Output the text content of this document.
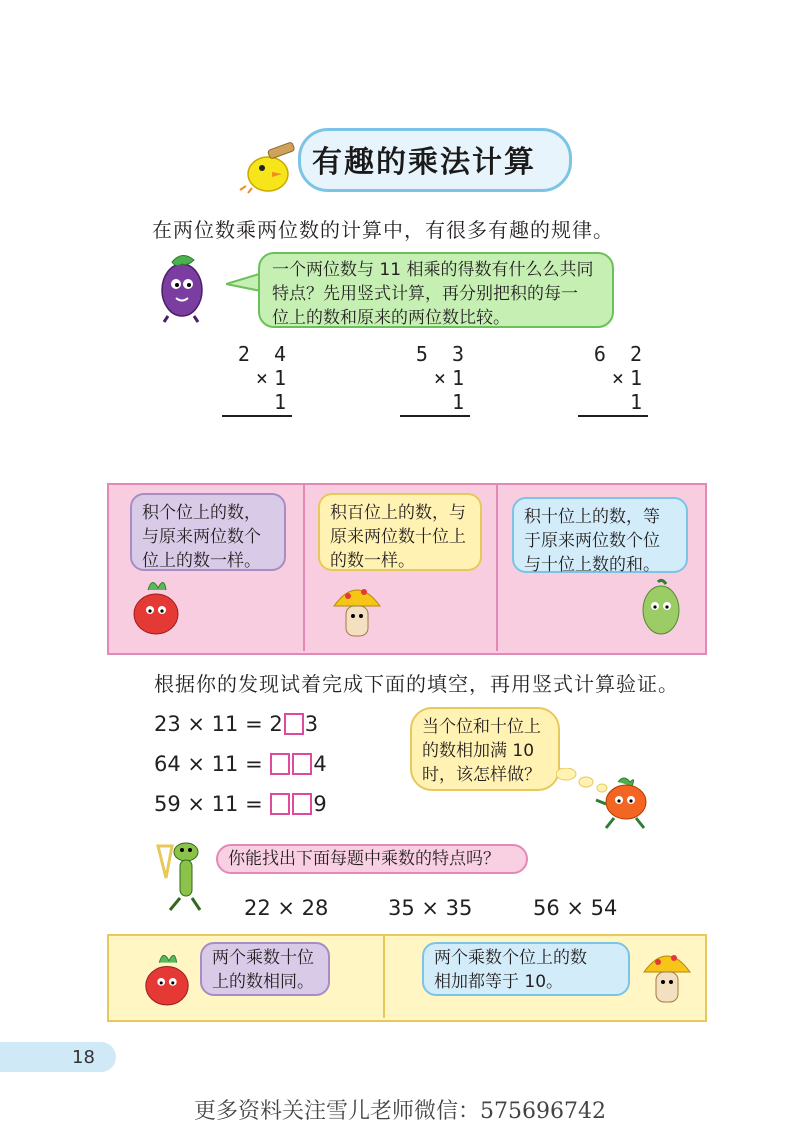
有趣的乘法计算
在两位数乘两位数的计算中，有很多有趣的规律。
一个两位数与 11 相乘的得数有什么么共同
特点？先用竖式计算，再分别把积的每一
位上的数和原来的两位数比较。
2 4
×1 1
5 3
×1 1
6 2
×1 1
积个位上的数，
与原来两位数个
位上的数一样。
积百位上的数，与
原来两位数十位上
的数一样。
积十位上的数，等
于原来两位数个位
与十位上数的和。
根据你的发现试着完成下面的填空，再用竖式计算验证。
23 × 11 = 2 3
64 × 11 = 4
59 × 11 = 9
当个位和十位上
的数相加满 10
时，该怎样做？
你能找出下面每题中乘数的特点吗？
22 × 28	35 × 35	56 × 54
两个乘数十位
上的数相同。
两个乘数个位上的数
相加都等于 10。
18
更多资料关注雪儿老师微信：575696742
